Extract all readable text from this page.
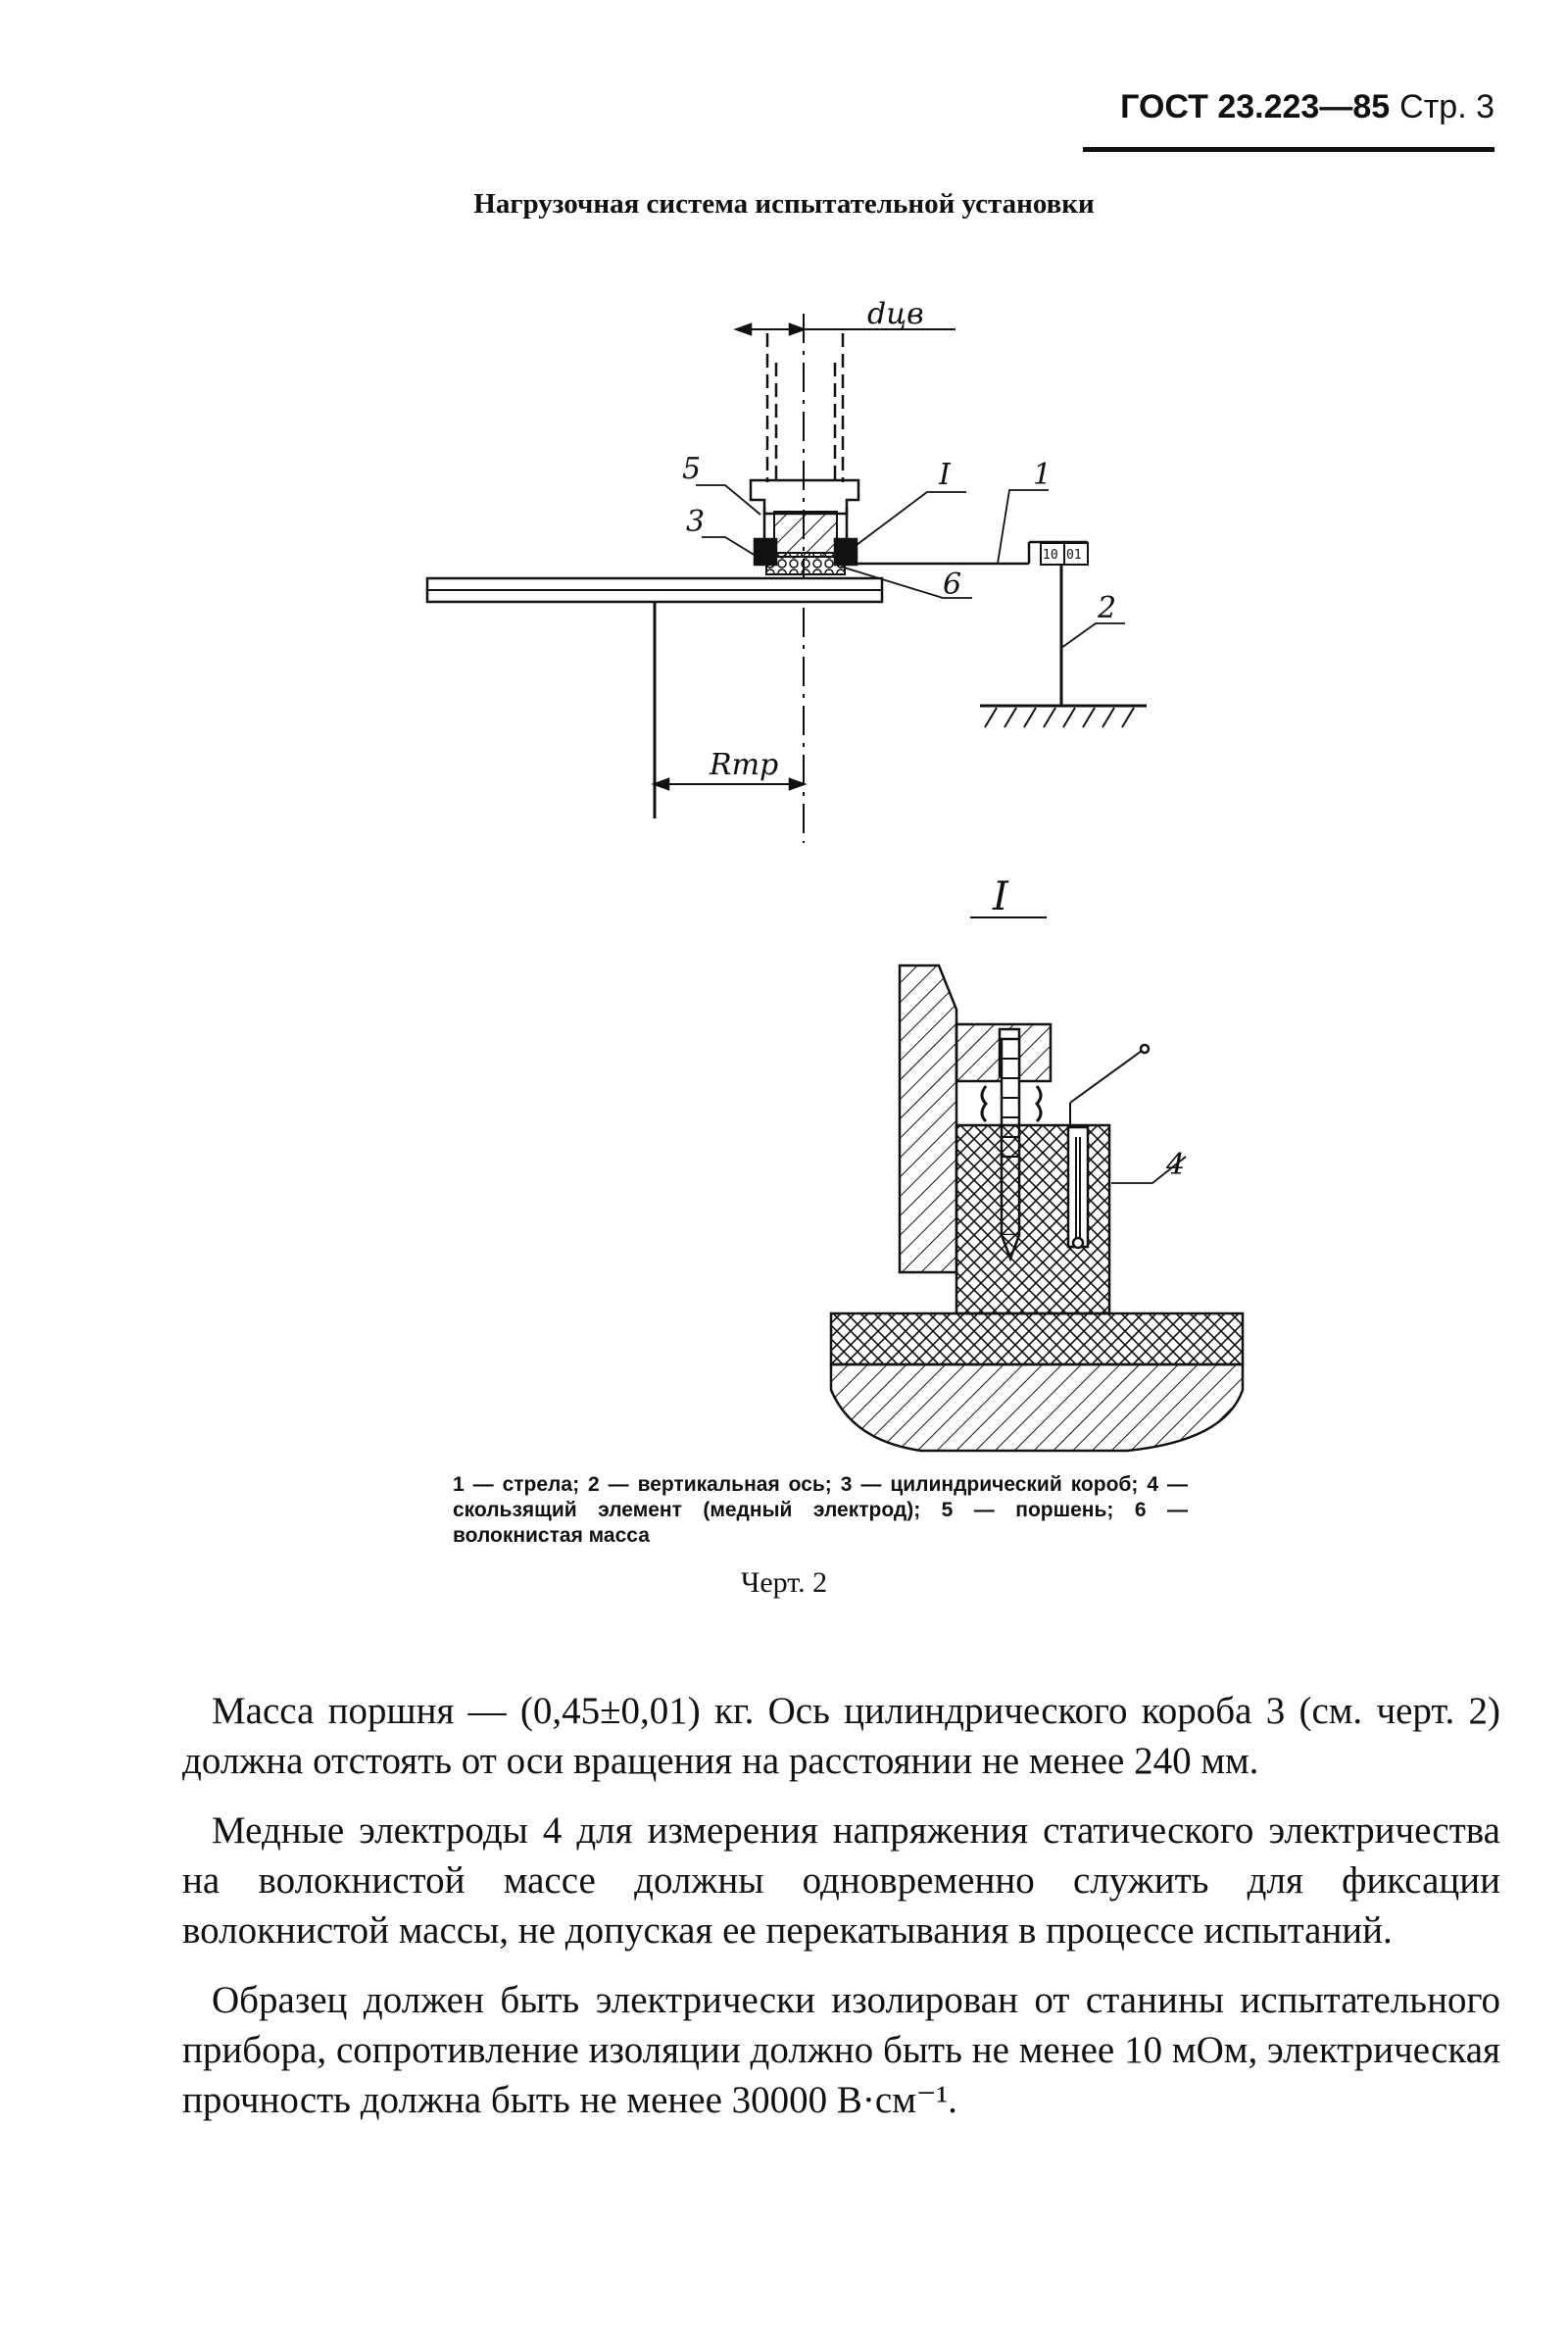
ГОСТ 23.223—85 Стр. 3
Нагрузочная система испытательной установки
dцв
Rтр
5
3
I	1
6
2
10 01
I
4
1 — стрела; 2 — вертикальная ось; 3 — цилиндрический короб; 4 — скользящий элемент (медный электрод); 5 — поршень; 6 — волокнистая масса
Черт. 2

Масса поршня — (0,45±0,01) кг. Ось цилиндрического короба 3 (см. черт. 2) должна отстоять от оси вращения на расстоянии не менее 240 мм.

Медные электроды 4 для измерения напряжения статического электричества на волокнистой массе должны одновременно служить для фиксации волокнистой массы, не допуская ее перекатывания в процессе испытаний.

Образец должен быть электрически изолирован от станины испытательного прибора, сопротивление изоляции должно быть не менее 10 мОм, электрическая прочность должна быть не менее 30000 В·см⁻¹.
